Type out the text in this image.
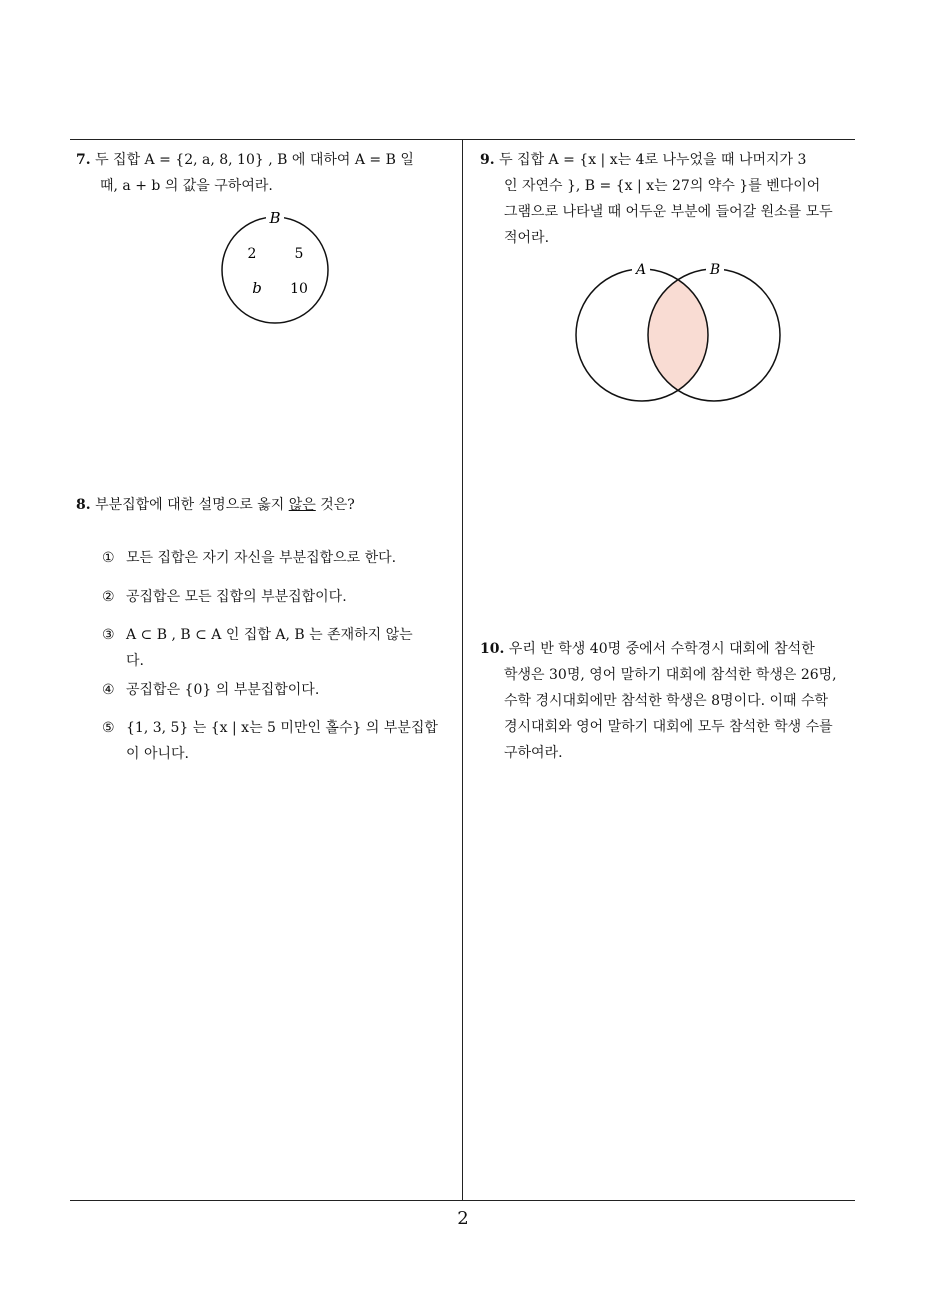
7. 두 집합 A = {2, a, 8, 10} , B 에 대하여 A = B 일
때, a + b 의 값을 구하여라.
B
2	5
b 10
8. 부분집합에 대한 설명으로 옳지 않은 것은?
① 모든 집합은 자기 자신을 부분집합으로 한다.
② 공집합은 모든 집합의 부분집합이다.
③ A ⊂ B , B ⊂ A 인 집합 A, B 는 존재하지 않는
다.
④ 공집합은 {0} 의 부분집합이다.
⑤ {1, 3, 5} 는 {x | x는 5 미만인 홀수} 의 부분집합
이 아니다.
9. 두 집합 A = {x | x는 4로 나누었을 때 나머지가 3
인 자연수 }, B = {x | x는 27의 약수 }를 벤다이어
그램으로 나타낼 때 어두운 부분에 들어갈 원소를 모두
적어라.
A	B
10. 우리 반 학생 40명 중에서 수학경시 대회에 참석한
학생은 30명, 영어 말하기 대회에 참석한 학생은 26명,
수학 경시대회에만 참석한 학생은 8명이다. 이때 수학
경시대회와 영어 말하기 대회에 모두 참석한 학생 수를
구하여라.
2
